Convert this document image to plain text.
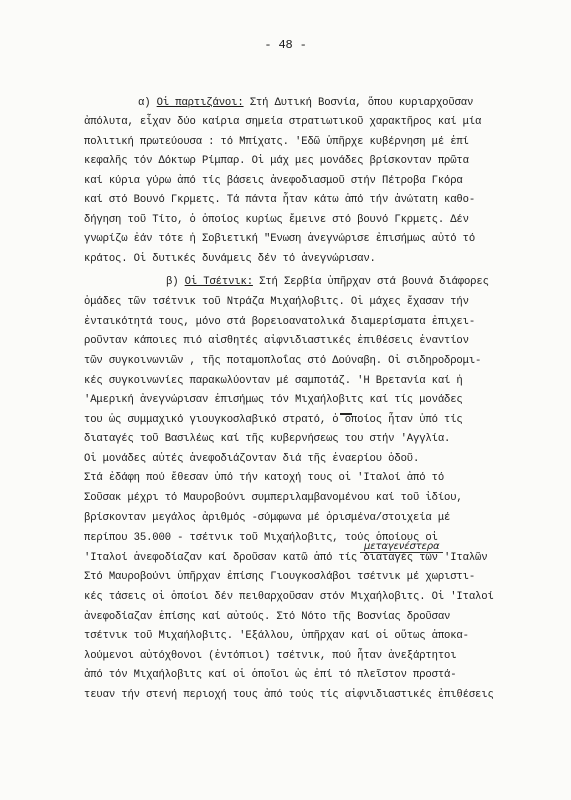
- 48 -
α) Οἱ παρτιζάνοι: Στή Δυτική Βοσνία, ὅπου κυριαρχοῦσαν
ἀπόλυτα, εἶχαν δύο καίρια σημεία στρατιωτικοῦ χαρακτῆρος καί μία
πολιτική πρωτεύουσα : τό Μπίχατς. 'Εδῶ ὑπῆρχε κυβέρνηση μέ ἐπί
κεφαλῆς τόν Δόκτωρ Ρίμπαρ. Οἱ μάχ μες μονάδες βρίσκονταν πρῶτα
καί κύρια γύρω ἀπό τίς βάσεις ἀνεφοδιασμοῦ στήν Πέτροβα Γκόρα
καί στό Βουνό Γκρμετς. Τά πάντα ἦταν κάτω ἀπό τήν ἀνώτατη καθο-
δήγηση τοῦ Τίτο, ὁ ὁποίος κυρίως ἔμεινε στό βουνό Γκρμετς. Δέν
γνωρίζω ἐάν τότε ἡ Σοβιετική "Ενωση ἀνεγνώρισε ἐπισήμως αὐτό τό
κράτος. Οἱ δυτικές δυνάμεις δέν τό ἀνεγνώρισαν.
β) Οἱ Τσέτνικ: Στή Σερβία ὑπῆρχαν στά βουνά διάφορες
ὁμάδες τῶν τσέτνικ τοῦ Ντράζα Μιχαήλοβιτς. Οἱ μάχες ἔχασαν τήν
ἐνταικότητά τους, μόνο στά βορειοανατολικά διαμερίσματα ἐπιχει-
ροῦνταν κάποιες πιό αἰσθητές αἰφνιδιαστικές ἐπιθέσεις ἐναντίον
τῶν συγκοινωνιῶν , τῆς ποταμοπλοΐας στό Δούναβη. Οἱ σιδηροδρομι-
κές συγκοινωνίες παρακωλύονταν μέ σαμποτάζ. 'Η Βρετανία καί ἡ
'Αμερική ἀνεγνώρισαν ἐπισήμως τόν Μιχαήλοβιτς καί τίς μονάδες
του ὡς συμμαχικό γιουγκοσλαβικό στρατό, ὁ ὁποίος ἦταν ὑπό τίς
διαταγές τοῦ Βασιλέως καί τῆς κυβερνήσεως του στήν 'Αγγλία.
Οἱ μονάδες αὐτές ἀνεφοδιάζονταν διά τῆς ἐναερίου ὁδοῦ.
Στά ἐδάφη πού ἔθεσαν ὑπό τήν κατοχή τους οἱ 'Ιταλοί ἀπό τό
Σοῦσακ μέχρι τό Μαυροβούνι συμπεριλαμβανομένου καί τοῦ ἰδίου,
βρίσκονταν μεγάλος ἀριθμός -σύμφωνα μέ ὁρισμένα/στοιχεία μέ
περίπου 35.000 - τσέτνικ τοῦ Μιχαήλοβιτς, τούς ὁποίους οἱ
'Ιταλοί ἀνεφοδίαζαν καί δροῦσαν κατῶ ἀπό τίς διαταγές τῶν 'Ιταλῶν
Στό Μαυροβούνι ὑπῆρχαν ἐπίσης Γιουγκοσλάβοι τσέτνικ μέ χωριστι-
κές τάσεις οἱ ὁποίοι δέν πειθαρχοῦσαν στόν Μιχαήλοβιτς. Οἱ 'Ιταλοί
ἀνεφοδίαζαν ἐπίσης καί αὐτούς. Στό Νότο τῆς Βοσνίας δροῦσαν
τσέτνικ τοῦ Μιχαήλοβιτς. 'Εξάλλου, ὑπῆρχαν καί οἱ οὕτως ἀποκα-
λούμενοι αὐτόχθονοι (ἐντόπιοι) τσέτνικ, πού ἦταν ἀνεξάρτητοι
ἀπό τόν Μιχαήλοβιτς καί οἱ ὁποῖοι ὡς ἐπί τό πλεῖστον προστά-
τευαν τήν στενή περιοχή τους ἀπό τούς τίς αἰφνιδιαστικές ἐπιθέσεις
μεταγενέστερα
